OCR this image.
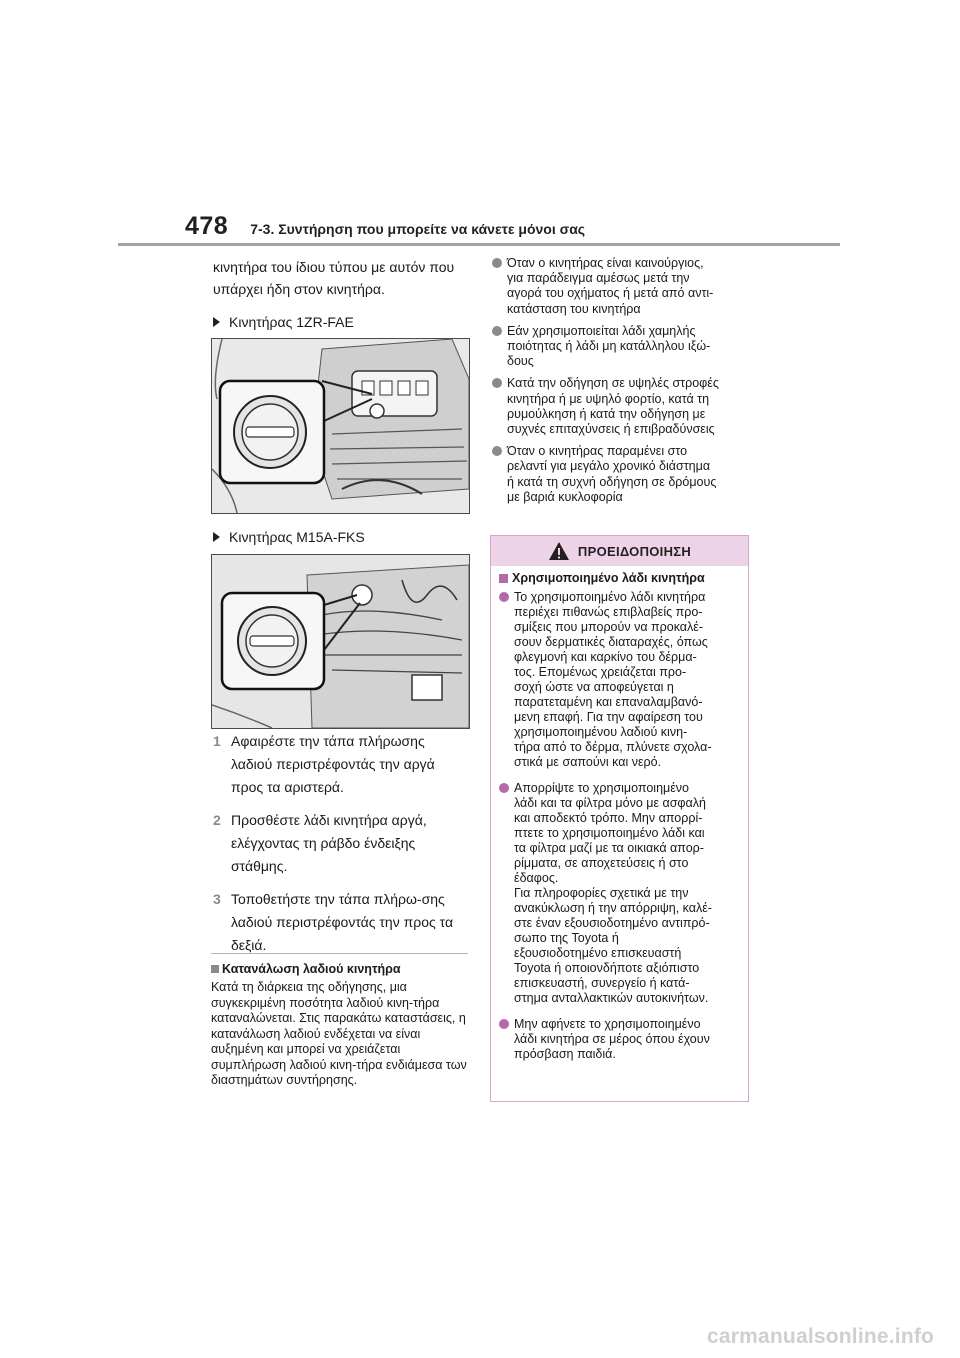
478 7-3. Συντήρηση που μπορείτε να κάνετε μόνοι σας

κινητήρα του ίδιου τύπου με αυτόν που υπάρχει ήδη στον κινητήρα.

Κινητήρας 1ZR-FAE
Κινητήρας M15A-FKS
1 Αφαιρέστε την τάπα πλήρωσης λαδιού περιστρέφοντάς την αργά προς τα αριστερά.
2 Προσθέστε λάδι κινητήρα αργά, ελέγχοντας τη ράβδο ένδειξης στάθμης.
3 Τοποθετήστε την τάπα πλήρω-σης λαδιού περιστρέφοντάς την προς τα δεξιά.
Κατανάλωση λαδιού κινητήρα

Κατά τη διάρκεια της οδήγησης, μια συγκεκριμένη ποσότητα λαδιού κινη-τήρα καταναλώνεται. Στις παρακάτω καταστάσεις, η κατανάλωση λαδιού ενδέχεται να είναι αυξημένη και μπορεί να χρειάζεται συμπλήρωση λαδιού κινη-τήρα ενδιάμεσα των διαστημάτων συντήρησης.

Όταν ο κινητήρας είναι καινούργιος,
για παράδειγμα αμέσως μετά την
αγορά του οχήματος ή μετά από αντι-
κατάσταση του κινητήρα
Εάν χρησιμοποιείται λάδι χαμηλής
ποιότητας ή λάδι μη κατάλληλου ιξώ-
δους
Κατά την οδήγηση σε υψηλές στροφές
κινητήρα ή με υψηλό φορτίο, κατά τη
ρυμούλκηση ή κατά την οδήγηση με
συχνές επιταχύνσεις ή επιβραδύνσεις
Όταν ο κινητήρας παραμένει στο
ρελαντί για μεγάλο χρονικό διάστημα
ή κατά τη συχνή οδήγηση σε δρόμους
με βαριά κυκλοφορία
ΠΡΟΕΙΔΟΠΟΙΗΣΗ
Χρησιμοποιημένο λάδι κινητήρα
Το χρησιμοποιημένο λάδι κινητήρα
περιέχει πιθανώς επιβλαβείς προ-
σμίξεις που μπορούν να προκαλέ-
σουν δερματικές διαταραχές, όπως
φλεγμονή και καρκίνο του δέρμα-
τος. Επομένως χρειάζεται προ-
σοχή ώστε να αποφεύγεται η
παρατεταμένη και επαναλαμβανό-
μενη επαφή. Για την αφαίρεση του
χρησιμοποιημένου λαδιού κινη-
τήρα από το δέρμα, πλύνετε σχολα-
στικά με σαπούνι και νερό.
Απορρίψτε το χρησιμοποιημένο
λάδι και τα φίλτρα μόνο με ασφαλή
και αποδεκτό τρόπο. Μην απορρί-
πτετε το χρησιμοποιημένο λάδι και
τα φίλτρα μαζί με τα οικιακά απορ-
ρίμματα, σε αποχετεύσεις ή στο
έδαφος.
Για πληροφορίες σχετικά με την
ανακύκλωση ή την απόρριψη, καλέ-
στε έναν εξουσιοδοτημένο αντιπρό-
σωπο της Toyota ή
εξουσιοδοτημένο επισκευαστή
Toyota ή οποιονδήποτε αξιόπιστο
επισκευαστή, συνεργείο ή κατά-
στημα ανταλλακτικών αυτοκινήτων.
Μην αφήνετε το χρησιμοποιημένο
λάδι κινητήρα σε μέρος όπου έχουν
πρόσβαση παιδιά.
carmanualsonline.info
